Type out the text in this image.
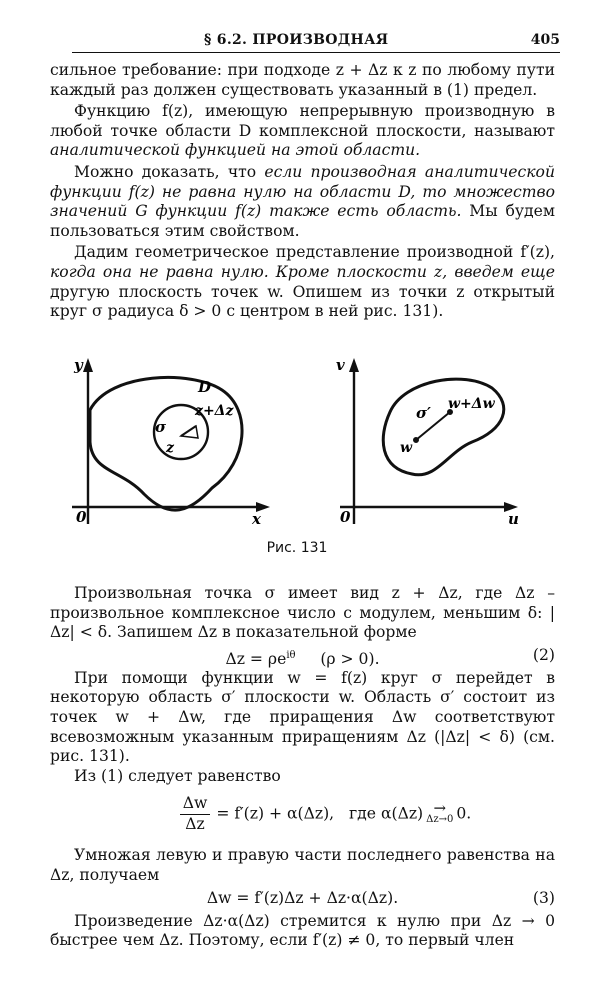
§ 6.2. ПРОИЗВОДНАЯ	405

сильное требование: при подходе z + Δz к z по любому пути каждый раз должен существовать указанный в (1) предел.

Функцию f(z), имеющую непрерывную производную в любой точке области D комплексной плоскости, называют аналитической функцией на этой области.

Можно доказать, что если производная аналитической функции f(z) не равна нулю на области D, то множество значений G функции f(z) также есть область. Мы будем пользоваться этим свойством.

Дадим геометрическое представление производной f′(z), когда она не равна нулю. Кроме плоскости z, введем еще другую плоскость точек w. Опишем из точки z открытый круг σ радиуса δ > 0 с центром в ней рис. 131).

y
x
0
D
σ
z
z+Δz
v
u
0
σ′
w
w+Δw
Рис. 131

Произвольная точка σ имеет вид z + Δz, где Δz – произвольное комплексное число с модулем, меньшим δ: |Δz| < δ. Запишем Δz в показательной форме

$\Delta z = \rho e^{i\theta}$     (ρ > 0).	(2)

При помощи функции w = f(z) круг σ перейдет в некоторую область σ′ плоскости w. Область σ′ состоит из точек w + Δw, где приращения Δw соответствуют всевозможным указанным приращениям Δz (|Δz| < δ) (см. рис. 131).

Из (1) следует равенство

$\frac{\Delta w}{\Delta z} = f'(z) + \alpha(\Delta z)$,   где α(Δz) →
Δz→0 0.

Умножая левую и правую части последнего равенства на Δz, получаем

Δw = f′(z)Δz + Δz·α(Δz).	(3)

Произведение Δz·α(Δz) стремится к нулю при Δz → 0 быстрее чем Δz. Поэтому, если f′(z) ≠ 0, то первый член
